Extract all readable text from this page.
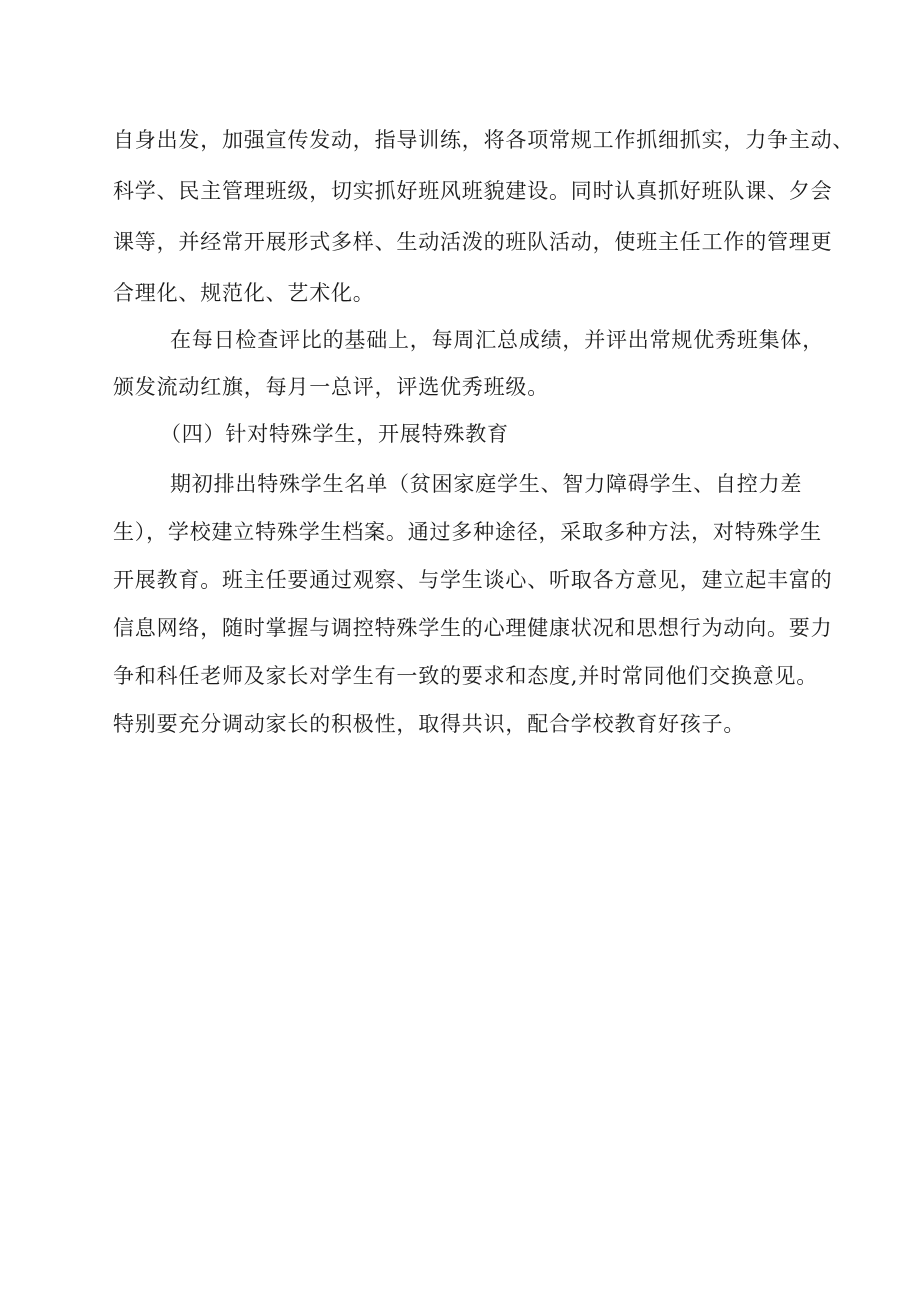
自身出发，加强宣传发动，指导训练，将各项常规工作抓细抓实，力争主动、
科学、民主管理班级，切实抓好班风班貌建设。同时认真抓好班队课、夕会
课等，并经常开展形式多样、生动活泼的班队活动，使班主任工作的管理更
合理化、规范化、艺术化。
在每日检查评比的基础上，每周汇总成绩，并评出常规优秀班集体，
颁发流动红旗，每月一总评，评选优秀班级。
（四）针对特殊学生，开展特殊教育
期初排出特殊学生名单（贫困家庭学生、智力障碍学生、自控力差
生），学校建立特殊学生档案。通过多种途径，采取多种方法，对特殊学生
开展教育。班主任要通过观察、与学生谈心、听取各方意见，建立起丰富的
信息网络，随时掌握与调控特殊学生的心理健康状况和思想行为动向。要力
争和科任老师及家长对学生有一致的要求和态度,并时常同他们交换意见。
特别要充分调动家长的积极性，取得共识，配合学校教育好孩子。
